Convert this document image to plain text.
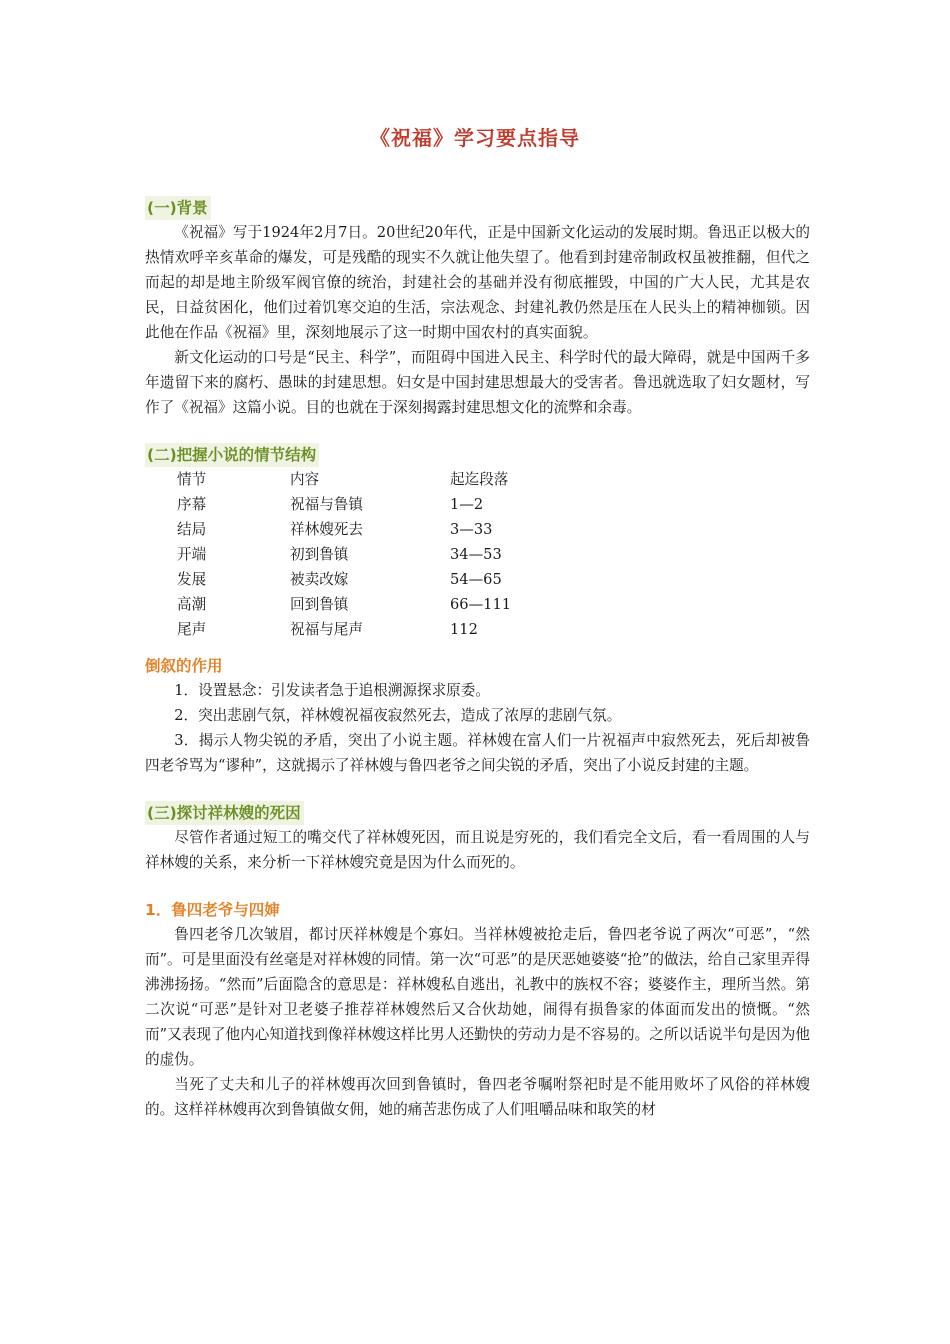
《祝福》学习要点指导
(一)背景

《祝福》写于1924年2月7日。20世纪20年代，正是中国新文化运动的发展时期。鲁迅正以极大的热情欢呼辛亥革命的爆发，可是残酷的现实不久就让他失望了。他看到封建帝制政权虽被推翻，但代之而起的却是地主阶级军阀官僚的统治，封建社会的基础并没有彻底摧毁，中国的广大人民，尤其是农民，日益贫困化，他们过着饥寒交迫的生活，宗法观念、封建礼教仍然是压在人民头上的精神枷锁。因此他在作品《祝福》里，深刻地展示了这一时期中国农村的真实面貌。

新文化运动的口号是“民主、科学”，而阻碍中国进入民主、科学时代的最大障碍，就是中国两千多年遗留下来的腐朽、愚昧的封建思想。妇女是中国封建思想最大的受害者。鲁迅就选取了妇女题材，写作了《祝福》这篇小说。目的也就在于深刻揭露封建思想文化的流弊和余毒。

(二)把握小说的情节结构
情节	内容	起迄段落
序幕	祝福与鲁镇	1—2
结局	祥林嫂死去	3—33
开端	初到鲁镇	34—53
发展	被卖改嫁	54—65
高潮	回到鲁镇	66—111
尾声	祝福与尾声	112
倒叙的作用

1．设置悬念：引发读者急于追根溯源探求原委。

2．突出悲剧气氛，祥林嫂祝福夜寂然死去，造成了浓厚的悲剧气氛。

3．揭示人物尖锐的矛盾，突出了小说主题。祥林嫂在富人们一片祝福声中寂然死去，死后却被鲁四老爷骂为“谬种”，这就揭示了祥林嫂与鲁四老爷之间尖锐的矛盾，突出了小说反封建的主题。

(三)探讨祥林嫂的死因

尽管作者通过短工的嘴交代了祥林嫂死因，而且说是穷死的，我们看完全文后，看一看周围的人与祥林嫂的关系，来分析一下祥林嫂究竟是因为什么而死的。

1．鲁四老爷与四婶

鲁四老爷几次皱眉，都讨厌祥林嫂是个寡妇。当祥林嫂被抢走后，鲁四老爷说了两次“可恶”，“然而”。可是里面没有丝毫是对祥林嫂的同情。第一次“可恶”的是厌恶她婆婆“抢”的做法，给自己家里弄得沸沸扬扬。“然而”后面隐含的意思是：祥林嫂私自逃出，礼教中的族权不容；婆婆作主，理所当然。第二次说“可恶”是针对卫老婆子推荐祥林嫂然后又合伙劫她，闹得有损鲁家的体面而发出的愤慨。“然而”又表现了他内心知道找到像祥林嫂这样比男人还勤快的劳动力是不容易的。之所以话说半句是因为他的虚伪。

当死了丈夫和儿子的祥林嫂再次回到鲁镇时，鲁四老爷嘱咐祭祀时是不能用败坏了风俗的祥林嫂的。这样祥林嫂再次到鲁镇做女佣，她的痛苦悲伤成了人们咀嚼品味和取笑的材
